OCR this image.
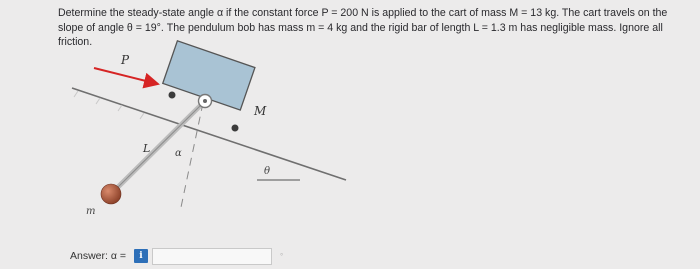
Determine the steady-state angle α if the constant force P = 200 N is applied to the cart of mass M = 13 kg. The cart travels on the
slope of angle θ = 19°. The pendulum bob has mass m = 4 kg and the rigid bar of length L = 1.3 m has negligible mass. Ignore all friction.
P
M
L α
θ
m
Answer: α =	i	°
